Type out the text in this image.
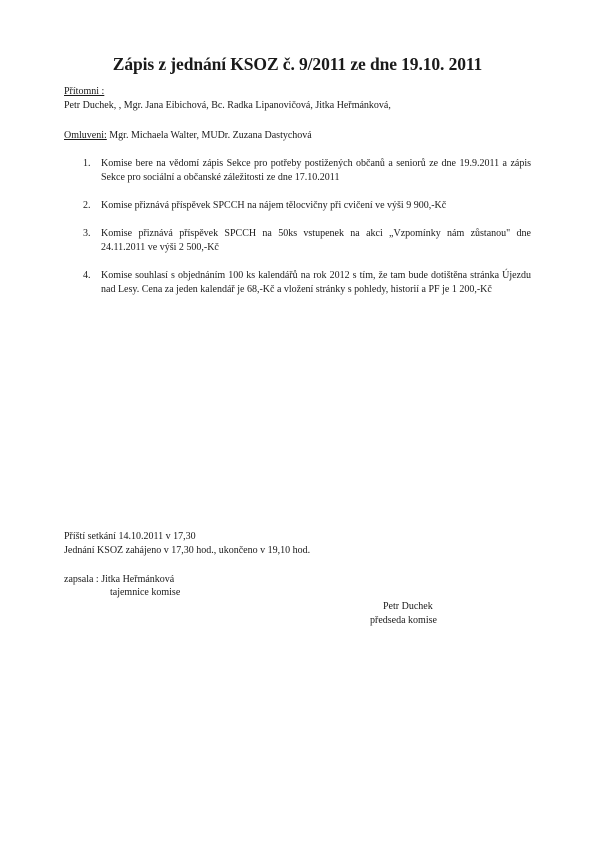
Zápis z jednání KSOZ č. 9/2011 ze dne 19.10. 2011
Přítomni :
Petr Duchek, , Mgr. Jana Eibichová, Bc. Radka Lipanovičová, Jitka Heřmánková,
Omluveni: Mgr. Michaela Walter, MUDr. Zuzana Dastychová
1. Komise bere na vědomí zápis Sekce pro potřeby postižených občanů a seniorů ze dne 19.9.2011 a zápis Sekce pro sociální a občanské záležitosti ze dne 17.10.2011
2. Komise přiznává příspěvek SPCCH na nájem tělocvičny při cvičení ve výši 9 900,-Kč
3. Komise přiznává příspěvek SPCCH na 50ks vstupenek na akci „Vzpomínky nám zůstanou" dne 24.11.2011 ve výši 2 500,-Kč
4. Komise souhlasí s objednáním 100 ks kalendářů na rok 2012 s tím, že tam bude dotištěna stránka Újezdu nad Lesy. Cena za jeden kalendář je 68,-Kč a vložení stránky s pohledy, historií a PF je 1 200,-Kč
Příští setkání 14.10.2011 v 17,30
Jednání KSOZ zahájeno v 17,30 hod., ukončeno v 19,10 hod.
zapsala : Jitka Heřmánková
tajemnice komise
Petr Duchek
předseda komise
